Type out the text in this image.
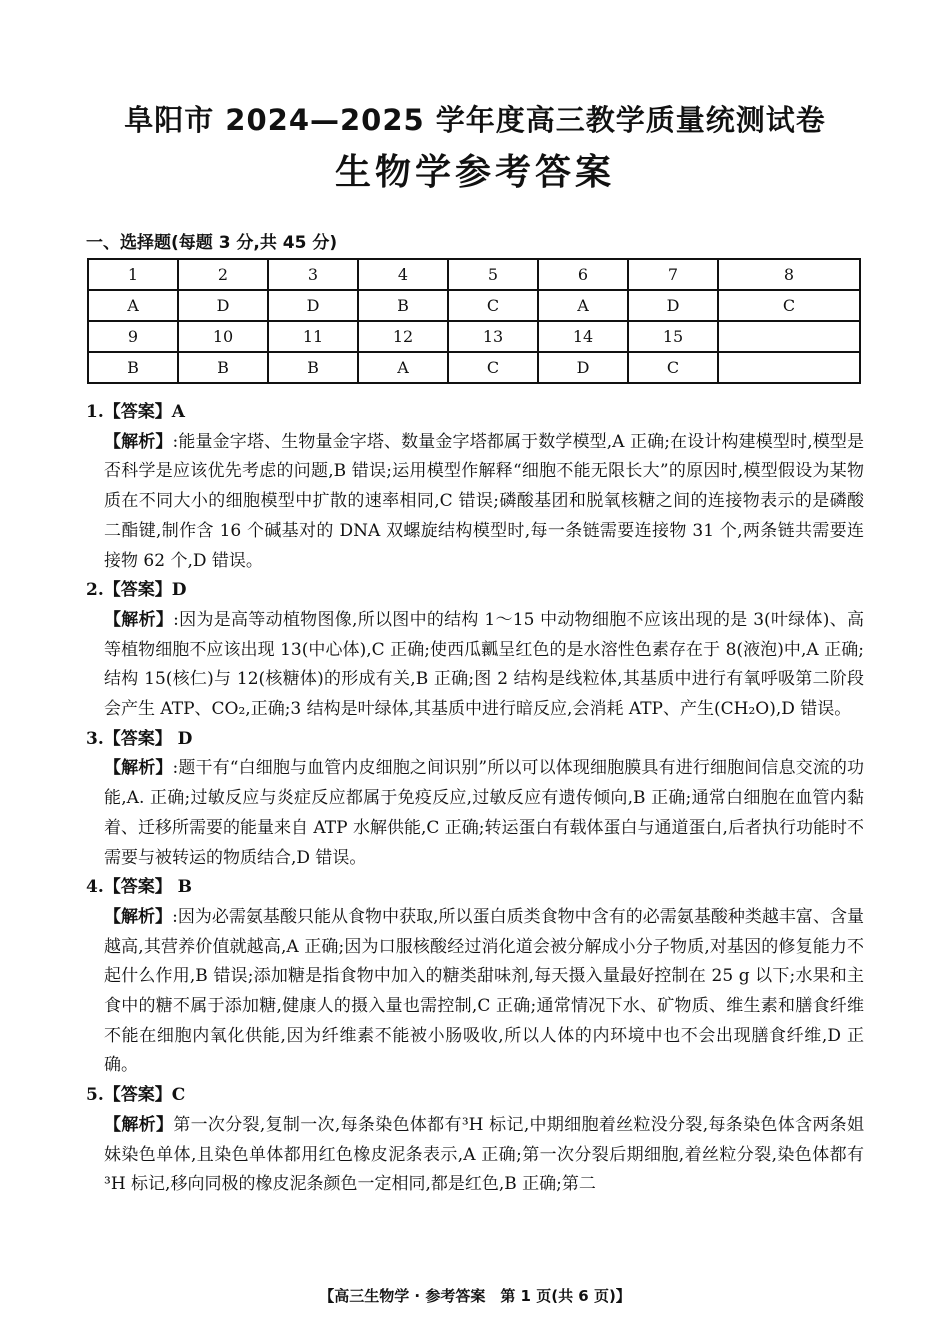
阜阳市 2024—2025 学年度高三教学质量统测试卷
生物学参考答案
一、选择题(每题 3 分,共 45 分)
1	2	3	4	5	6	7	8
A	D	D	B	C	A	D	C
9	10	11	12	13	14	15	
B	B	B	A	C	D	C	
1.【答案】A
【解析】:能量金字塔、生物量金字塔、数量金字塔都属于数学模型,A 正确;在设计构建模型时,模型是否科学是应该优先考虑的问题,B 错误;运用模型作解释“细胞不能无限长大”的原因时,模型假设为某物质在不同大小的细胞模型中扩散的速率相同,C 错误;磷酸基团和脱氧核糖之间的连接物表示的是磷酸二酯键,制作含 16 个碱基对的 DNA 双螺旋结构模型时,每一条链需要连接物 31 个,两条链共需要连接物 62 个,D 错误。
2.【答案】D
【解析】:因为是高等动植物图像,所以图中的结构 1～15 中动物细胞不应该出现的是 3(叶绿体)、高等植物细胞不应该出现 13(中心体),C 正确;使西瓜瓤呈红色的是水溶性色素存在于 8(液泡)中,A 正确;结构 15(核仁)与 12(核糖体)的形成有关,B 正确;图 2 结构是线粒体,其基质中进行有氧呼吸第二阶段会产生 ATP、CO₂,正确;3 结构是叶绿体,其基质中进行暗反应,会消耗 ATP、产生(CH₂O),D 错误。
3.【答案】 D
【解析】:题干有“白细胞与血管内皮细胞之间识别”所以可以体现细胞膜具有进行细胞间信息交流的功能,A. 正确;过敏反应与炎症反应都属于免疫反应,过敏反应有遗传倾向,B 正确;通常白细胞在血管内黏着、迁移所需要的能量来自 ATP 水解供能,C 正确;转运蛋白有载体蛋白与通道蛋白,后者执行功能时不需要与被转运的物质结合,D 错误。
4.【答案】 B
【解析】:因为必需氨基酸只能从食物中获取,所以蛋白质类食物中含有的必需氨基酸种类越丰富、含量越高,其营养价值就越高,A 正确;因为口服核酸经过消化道会被分解成小分子物质,对基因的修复能力不起什么作用,B 错误;添加糖是指食物中加入的糖类甜味剂,每天摄入量最好控制在 25 g 以下;水果和主食中的糖不属于添加糖,健康人的摄入量也需控制,C 正确;通常情况下水、矿物质、维生素和膳食纤维不能在细胞内氧化供能,因为纤维素不能被小肠吸收,所以人体的内环境中也不会出现膳食纤维,D 正确。
5.【答案】C
【解析】第一次分裂,复制一次,每条染色体都有³H 标记,中期细胞着丝粒没分裂,每条染色体含两条姐妹染色单体,且染色单体都用红色橡皮泥条表示,A 正确;第一次分裂后期细胞,着丝粒分裂,染色体都有³H 标记,移向同极的橡皮泥条颜色一定相同,都是红色,B 正确;第二
【高三生物学 · 参考答案　第 1 页(共 6 页)】
